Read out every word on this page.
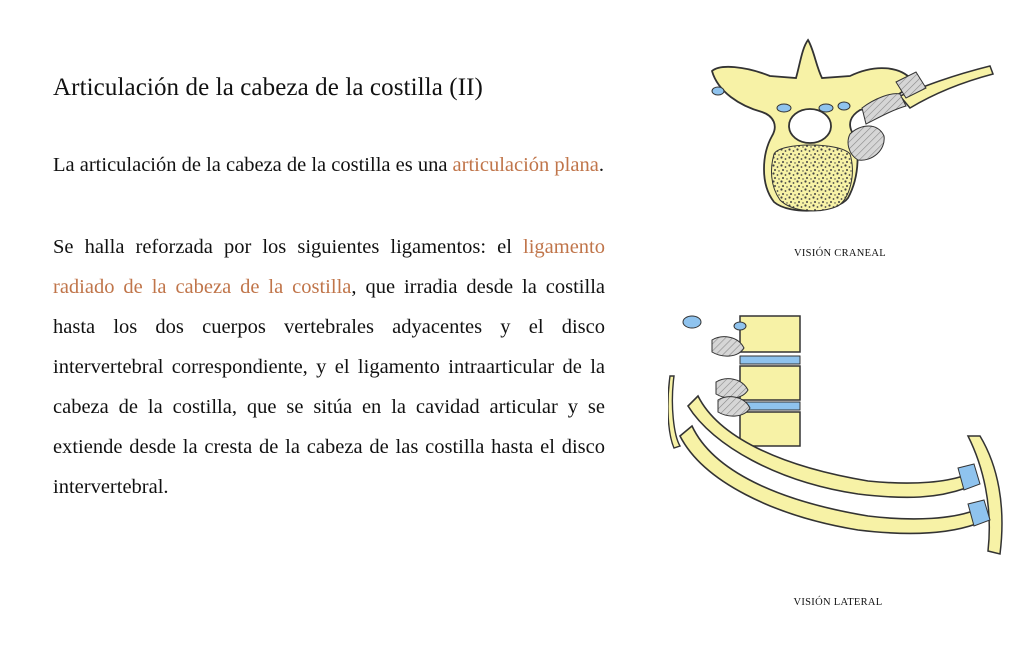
Articulación de la cabeza de la costilla (II)

La articulación de la cabeza de la costilla es una articulación plana.

Se halla reforzada por los siguientes ligamentos: el ligamento radiado de la cabeza de la costilla, que irradia desde la costilla hasta los dos cuerpos vertebrales adyacentes y el disco intervertebral correspondiente, y el ligamento intraarticular de la cabeza de la costilla, que se sitúa en la cavidad articular y se extiende desde la cresta de la cabeza de las costilla hasta el disco intervertebral.

VISIÓN CRANEAL
VISIÓN LATERAL
